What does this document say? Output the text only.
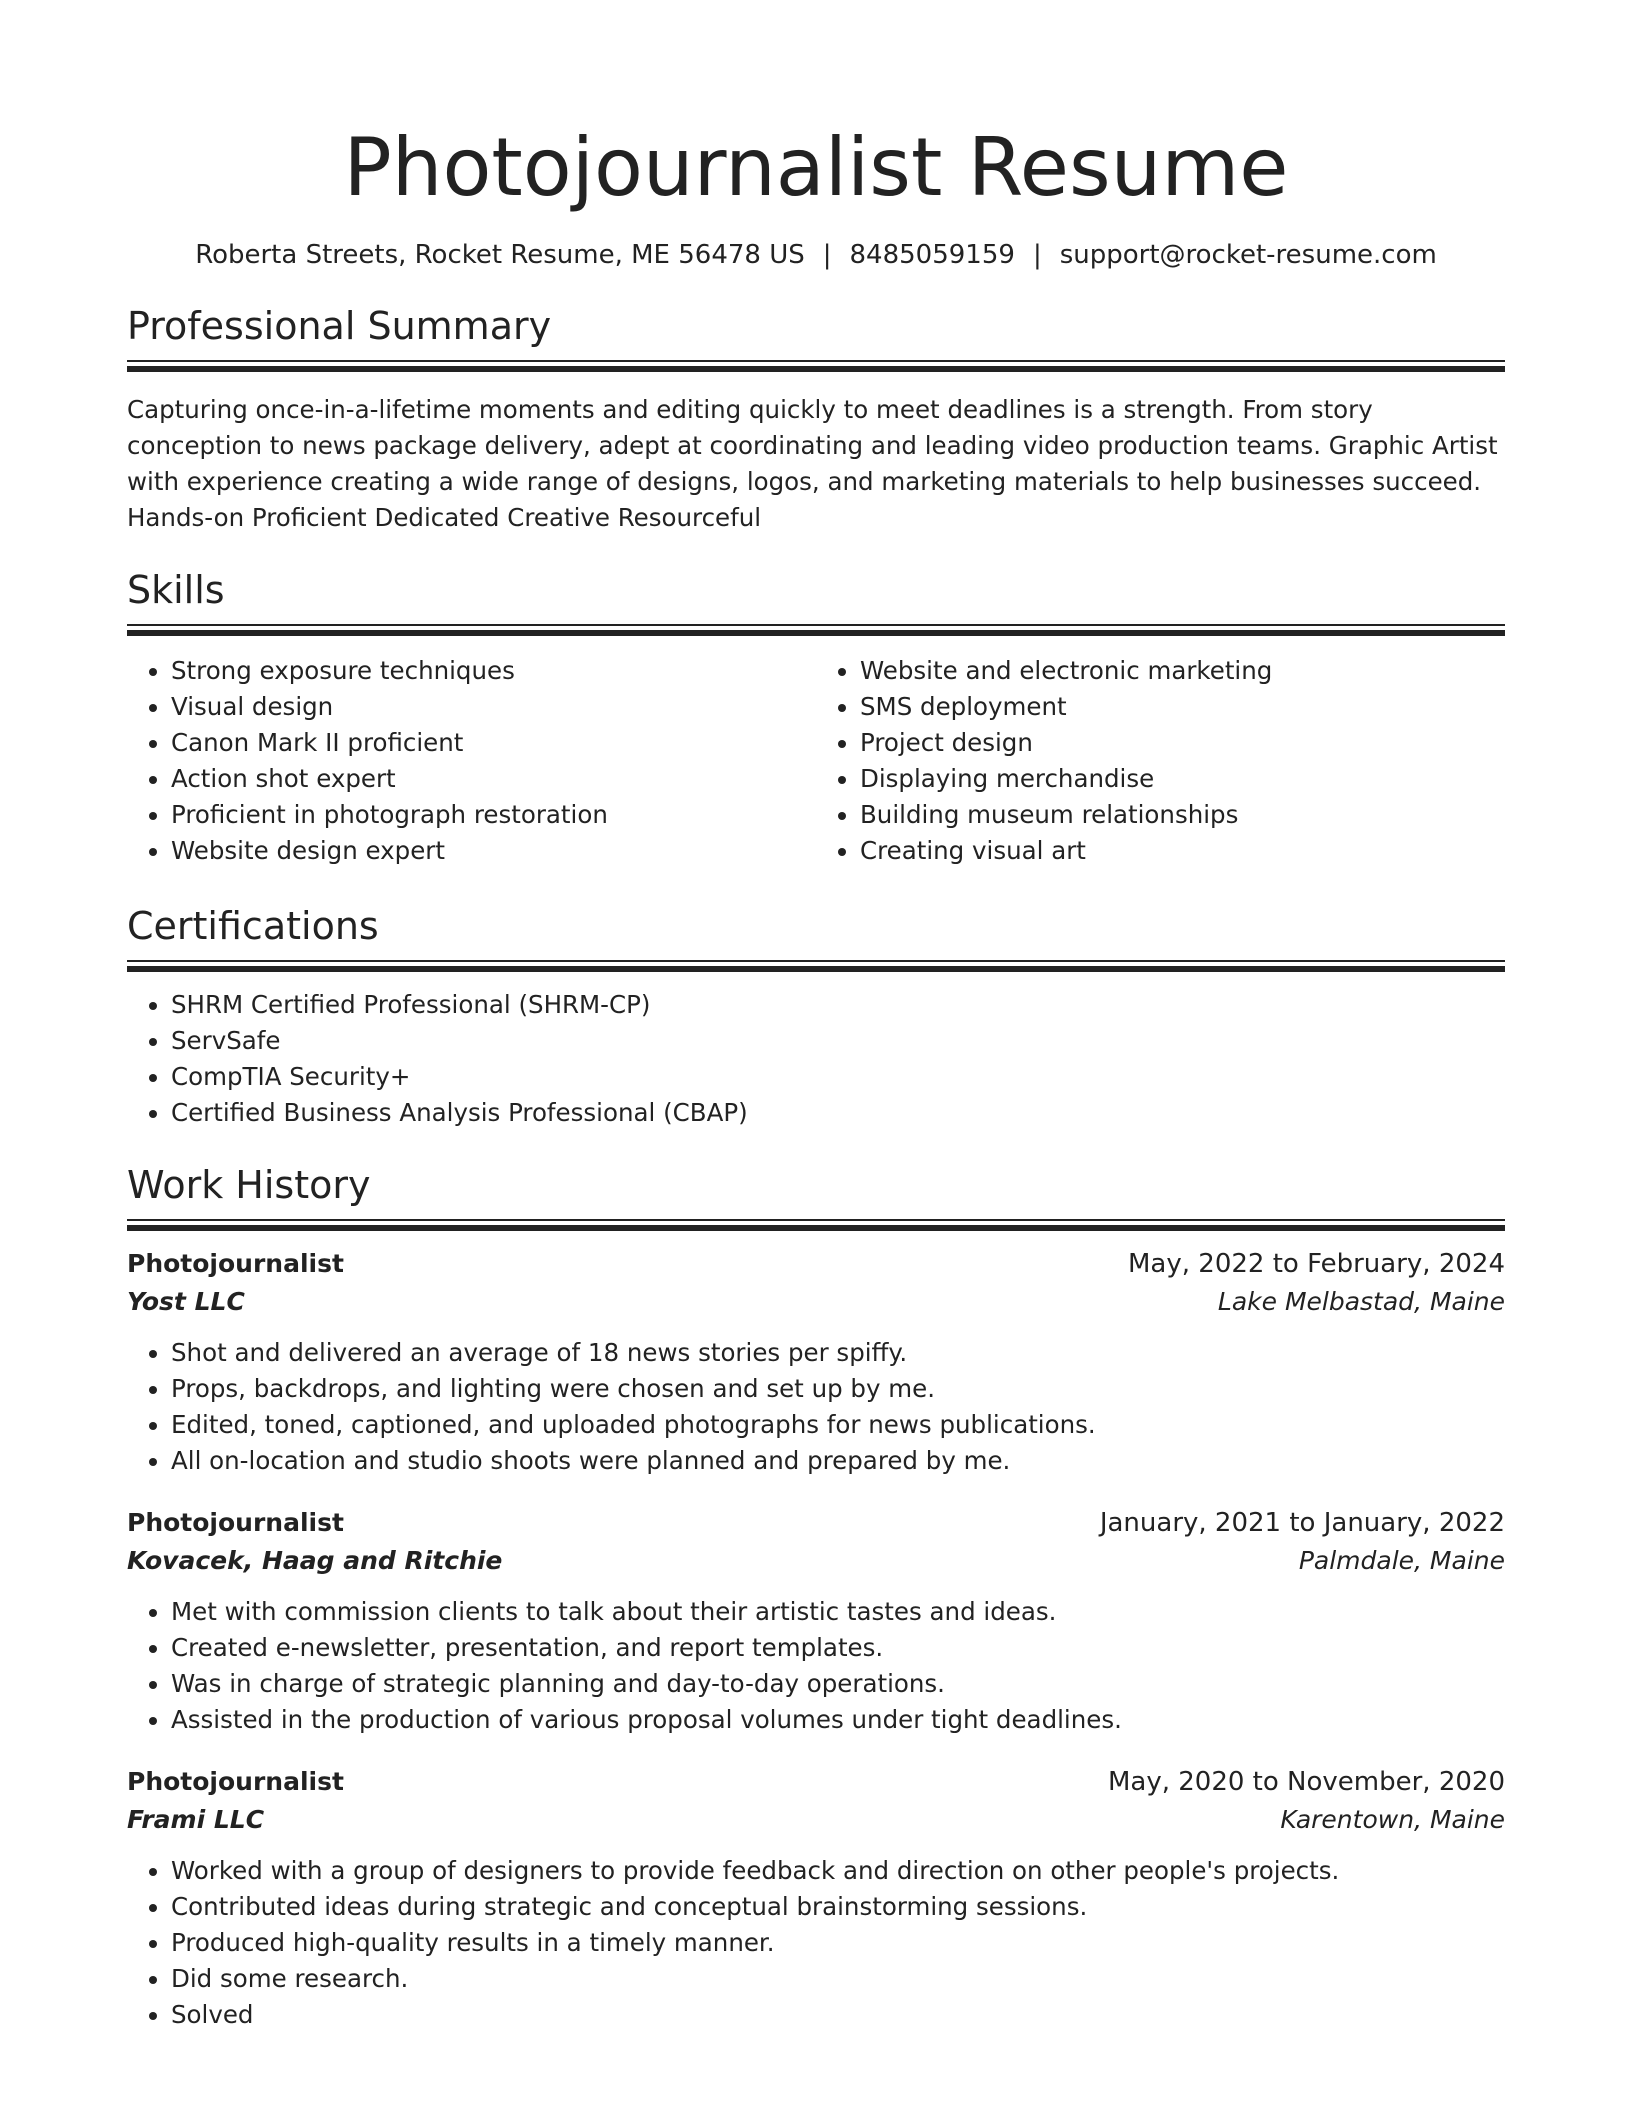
Photojournalist Resume
Roberta Streets, Rocket Resume, ME 56478 US | 8485059159 | support@rocket-resume.com
Professional Summary

Capturing once-in-a-lifetime moments and editing quickly to meet deadlines is a strength. From story conception to news package delivery, adept at coordinating and leading video production teams. Graphic Artist with experience creating a wide range of designs, logos, and marketing materials to help businesses succeed. Hands-on Proficient Dedicated Creative Resourceful

Skills
• Strong exposure techniques
• Visual design
• Canon Mark II proficient
• Action shot expert
• Proficient in photograph restoration
• Website design expert
• Website and electronic marketing
• SMS deployment
• Project design
• Displaying merchandise
• Building museum relationships
• Creating visual art
Certifications
• SHRM Certified Professional (SHRM-CP)
• ServSafe
• CompTIA Security+
• Certified Business Analysis Professional (CBAP)
Work History
Photojournalist	May, 2022 to February, 2024
Yost LLC	Lake Melbastad, Maine
• Shot and delivered an average of 18 news stories per spiffy.
• Props, backdrops, and lighting were chosen and set up by me.
• Edited, toned, captioned, and uploaded photographs for news publications.
• All on-location and studio shoots were planned and prepared by me.
Photojournalist	January, 2021 to January, 2022
Kovacek, Haag and Ritchie	Palmdale, Maine
• Met with commission clients to talk about their artistic tastes and ideas.
• Created e-newsletter, presentation, and report templates.
• Was in charge of strategic planning and day-to-day operations.
• Assisted in the production of various proposal volumes under tight deadlines.
Photojournalist	May, 2020 to November, 2020
Frami LLC	Karentown, Maine
• Worked with a group of designers to provide feedback and direction on other people's projects.
• Contributed ideas during strategic and conceptual brainstorming sessions.
• Produced high-quality results in a timely manner.
• Did some research.
• Solved
